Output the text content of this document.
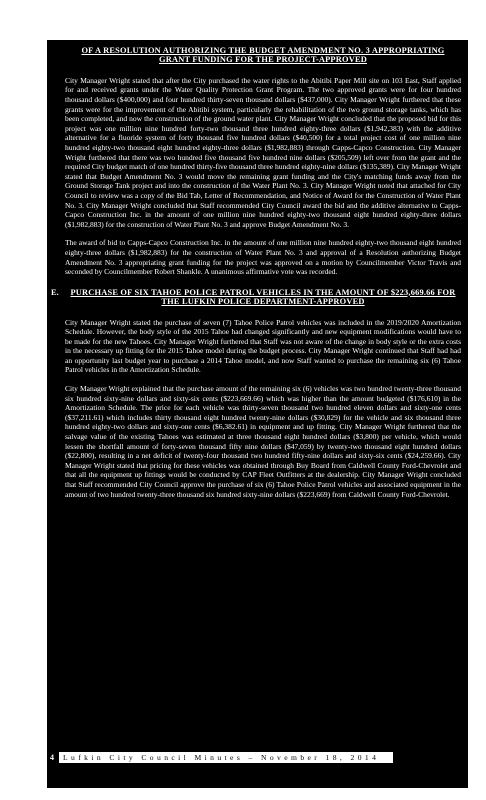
OF A RESOLUTION AUTHORIZING THE BUDGET AMENDMENT NO. 3 APPROPRIATING GRANT FUNDING FOR THE PROJECT-APPROVED

City Manager Wright stated that after the City purchased the water rights to the Abitibi Paper Mill site on 103 East, Staff applied for and received grants under the Water Quality Protection Grant Program. The two approved grants were for four hundred thousand dollars ($400,000) and four hundred thirty-seven thousand dollars ($437,000). City Manager Wright furthered that these grants were for the improvement of the Abitibi system, particularly the rehabilitation of the two ground storage tanks, which has been completed, and now the construction of the ground water plant. City Manager Wright concluded that the proposed bid for this project was one million nine hundred forty-two thousand three hundred eighty-three dollars ($1,942,383) with the additive alternative for a fluoride system of forty thousand five hundred dollars ($40,500) for a total project cost of one million nine hundred eighty-two thousand eight hundred eighty-three dollars ($1,982,883) through Capps-Capco Construction. City Manager Wright furthered that there was two hundred five thousand five hundred nine dollars ($205,509) left over from the grant and the required City budget match of one hundred thirty-five thousand three hundred eighty-nine dollars ($135,389). City Manager Wright stated that Budget Amendment No. 3 would move the remaining grant funding and the City's matching funds away from the Ground Storage Tank project and into the construction of the Water Plant No. 3. City Manager Wright noted that attached for City Council to review was a copy of the Bid Tab, Letter of Recommendation, and Notice of Award for the Construction of Water Plant No. 3. City Manager Wright concluded that Staff recommended City Council award the bid and the additive alternative to Capps-Capco Construction Inc. in the amount of one million nine hundred eighty-two thousand eight hundred eighty-three dollars ($1,982,883) for the construction of Water Plant No. 3 and approve Budget Amendment No. 3.

The award of bid to Capps-Capco Construction Inc. in the amount of one million nine hundred eighty-two thousand eight hundred eighty-three dollars ($1,982,883) for the construction of Water Plant No. 3 and approval of a Resolution authorizing Budget Amendment No. 3 appropriating grant funding for the project was approved on a motion by Councilmember Victor Travis and seconded by Councilmember Robert Shankle. A unanimous affirmative vote was recorded.

E.	PURCHASE OF SIX TAHOE POLICE PATROL VEHICLES IN THE AMOUNT OF $223,669.66 FOR THE LUFKIN POLICE DEPARTMENT-APPROVED

City Manager Wright stated the purchase of seven (7) Tahoe Police Patrol vehicles was included in the 2019/2020 Amortization Schedule. However, the body style of the 2015 Tahoe had changed significantly and new equipment modifications would have to be made for the new Tahoes. City Manager Wright furthered that Staff was not aware of the change in body style or the extra costs in the necessary up fitting for the 2015 Tahoe model during the budget process. City Manager Wright continued that Staff had had an opportunity last budget year to purchase a 2014 Tahoe model, and now Staff wanted to purchase the remaining six (6) Tahoe Patrol vehicles in the Amortization Schedule.

City Manager Wright explained that the purchase amount of the remaining six (6) vehicles was two hundred twenty-three thousand six hundred sixty-nine dollars and sixty-six cents ($223,669.66) which was higher than the amount budgeted ($176,610) in the Amortization Schedule. The price for each vehicle was thirty-seven thousand two hundred eleven dollars and sixty-one cents ($37,211.61) which includes thirty thousand eight hundred twenty-nine dollars ($30,829) for the vehicle and six thousand three hundred eighty-two dollars and sixty-one cents ($6,382.61) in equipment and up fitting. City Manager Wright furthered that the salvage value of the existing Tahoes was estimated at three thousand eight hundred dollars ($3,800) per vehicle, which would lessen the shortfall amount of forty-seven thousand fifty nine dollars ($47,059) by twenty-two thousand eight hundred dollars ($22,800), resulting in a net deficit of twenty-four thousand two hundred fifty-nine dollars and sixty-six cents ($24,259.66). City Manager Wright stated that pricing for these vehicles was obtained through Buy Board from Caldwell County Ford-Chevrolet and that all the equipment up fittings would be conducted by CAP Fleet Outfitters at the dealership. City Manager Wright concluded that Staff recommended City Council approve the purchase of six (6) Tahoe Police Patrol vehicles and associated equipment in the amount of two hundred twenty-three thousand six hundred sixty-nine dollars ($223,669) from Caldwell County Ford-Chevrolet.

4	Lufkin City Council Minutes – November 18, 2014
